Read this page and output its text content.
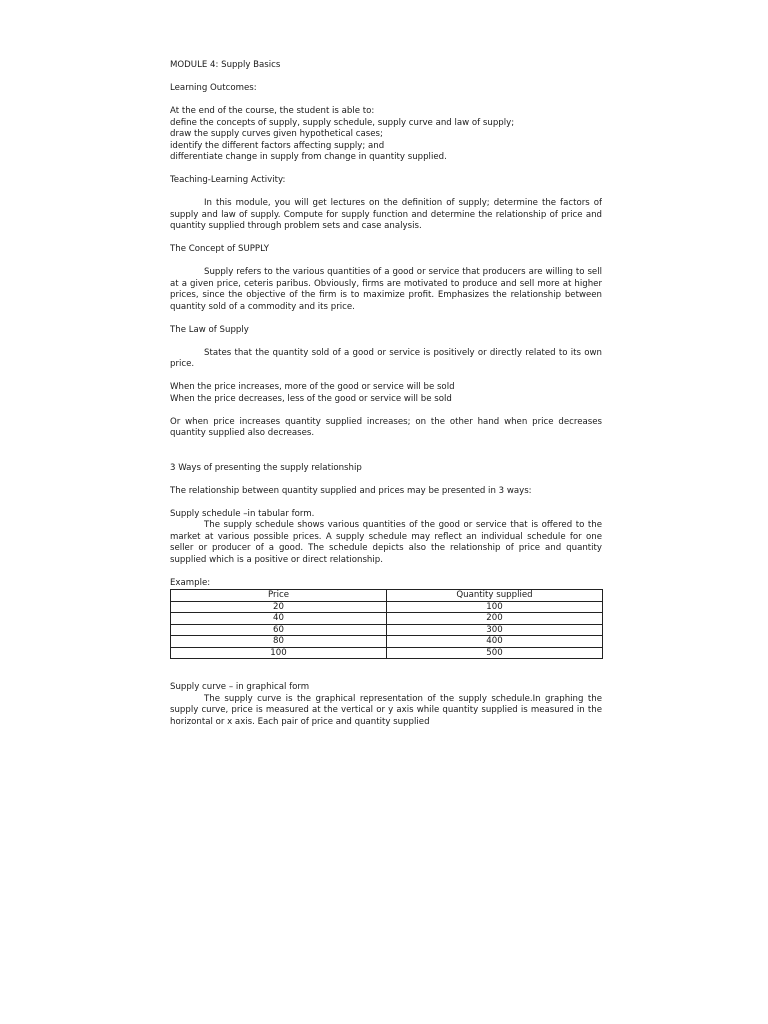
MODULE 4: Supply Basics

Learning Outcomes:

At the end of the course, the student is able to:

define the concepts of supply, supply schedule, supply curve and law of supply;

draw the supply curves given hypothetical cases;

identify the different factors affecting supply; and

differentiate change in supply from change in quantity supplied.

Teaching-Learning Activity:

In this module, you will get lectures on the definition of supply; determine the factors of supply and law of supply. Compute for supply function and determine the relationship of price and quantity supplied through problem sets and case analysis.

The Concept of SUPPLY

Supply refers to the various quantities of a good or service that producers are willing to sell at a given price, ceteris paribus. Obviously, firms are motivated to produce and sell more at higher prices, since the objective of the firm is to maximize profit. Emphasizes the relationship between quantity sold of a commodity and its price.

The Law of Supply

States that the quantity sold of a good or service is positively or directly related to its own price.

When the price increases, more of the good or service will be sold

When the price decreases, less of the good or service will be sold

Or when price increases quantity supplied increases; on the other hand when price decreases quantity supplied also decreases.

3 Ways of presenting the supply relationship

The relationship between quantity supplied and prices may be presented in 3 ways:

Supply schedule –in tabular form.

The supply schedule shows various quantities of the good or service that is offered to the market at various possible prices. A supply schedule may reflect an individual schedule for one seller or producer of a good. The schedule depicts also the relationship of price and quantity supplied which is a positive or direct relationship.

Example:

Price	Quantity supplied
20	100
40	200
60	300
80	400
100	500

Supply curve – in graphical form

The supply curve is the graphical representation of the supply schedule.In graphing the supply curve, price is measured at the vertical or y axis while quantity supplied is measured in the horizontal or x axis. Each pair of price and quantity supplied
